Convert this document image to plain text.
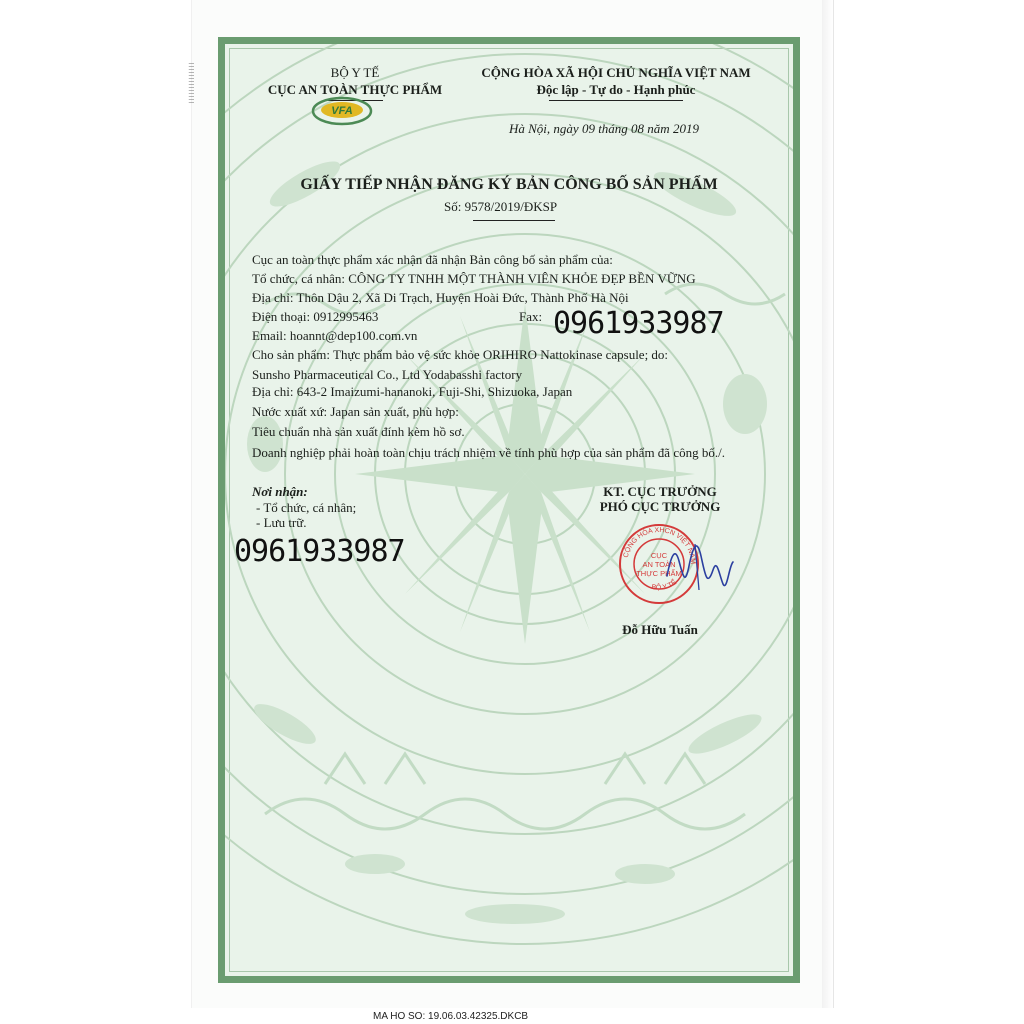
||||||||||||||	BỘ Y TẾ
CỤC AN TOÀN THỰC PHẨM
VFA
CỘNG HÒA XÃ HỘI CHỦ NGHĨA VIỆT NAM
Độc lập - Tự do - Hạnh phúc
Hà Nội, ngày 09 tháng 08 năm 2019
GIẤY TIẾP NHẬN ĐĂNG KÝ BẢN CÔNG BỐ SẢN PHẨM
Số: 9578/2019/ĐKSP
Cục an toàn thực phẩm xác nhận đã nhận Bản công bố sản phẩm của:
Tổ chức, cá nhân: CÔNG TY TNHH MỘT THÀNH VIÊN KHỎE ĐẸP BỀN VỮNG
Địa chỉ: Thôn Dậu 2, Xã Di Trạch, Huyện Hoài Đức, Thành Phố Hà Nội
Điện thoại: 0912995463	Fax: 0961933987
Email: hoannt@dep100.com.vn
Cho sản phẩm: Thực phẩm bảo vệ sức khỏe ORIHIRO Nattokinase capsule; do:
Sunsho Pharmaceutical Co., Ltd Yodabasshi factory
Địa chỉ: 643-2 Imaizumi-hananoki, Fuji-Shi, Shizuoka, Japan
Nước xuất xứ: Japan sản xuất, phù hợp:
Tiêu chuẩn nhà sản xuất đính kèm hồ sơ.
Doanh nghiệp phải hoàn toàn chịu trách nhiệm về tính phù hợp của sản phẩm đã công bố./.
Nơi nhận:
- Tổ chức, cá nhân;
- Lưu trữ.
0961933987
KT. CỤC TRƯỞNG
PHÓ CỤC TRƯỞNG
CỘNG HÒA XHCN VIỆT NAM
BỘ Y TẾ
CỤC
AN TOÀN
THỰC PHẨM
Đỗ Hữu Tuấn
MA HO SO: 19.06.03.42325.DKCB
